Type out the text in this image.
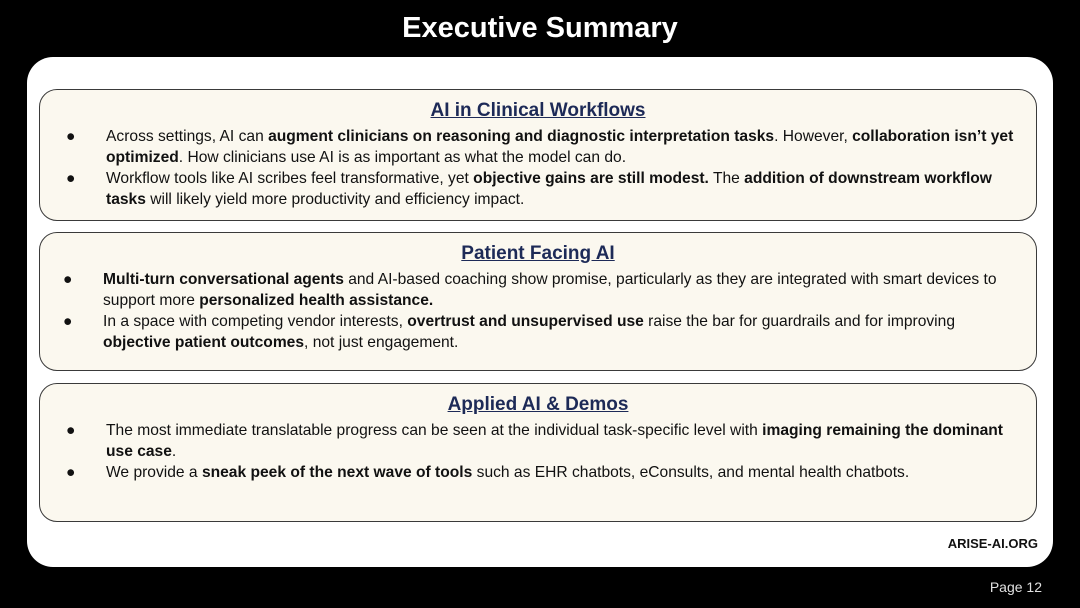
Executive Summary
AI in Clinical Workflows
● Across settings, AI can augment clinicians on reasoning and diagnostic interpretation tasks. However, collaboration isn’t yet optimized. How clinicians use AI is as important as what the model can do.
● Workflow tools like AI scribes feel transformative, yet objective gains are still modest. The addition of downstream workflow tasks will likely yield more productivity and efficiency impact.
Patient Facing AI
● Multi-turn conversational agents and AI-based coaching show promise, particularly as they are integrated with smart devices to support more personalized health assistance.
● In a space with competing vendor interests, overtrust and unsupervised use raise the bar for guardrails and for improving objective patient outcomes, not just engagement.
Applied AI & Demos
● The most immediate translatable progress can be seen at the individual task-specific level with imaging remaining the dominant use case.
● We provide a sneak peek of the next wave of tools such as EHR chatbots, eConsults, and mental health chatbots.
ARISE-AI.ORG
Page 12
